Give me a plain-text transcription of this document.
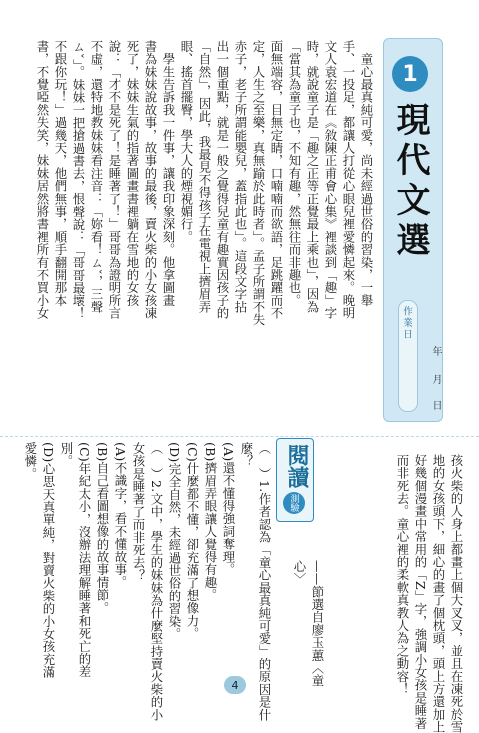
1
現代文選
作業日
年
月
日
　童心最真純可愛，尚未經過世俗的習染，一舉
手、一投足，都讓人打從心眼兒裡愛憐起來。晚明
文人袁宏道在《敘陳正甫會心集》裡談到「趣」字
時，就說童子是「趣之正等正覺最上乘也」，因為
「當其為童子也，不知有趣，然無往而非趣也。
面無端容，目無定睛，口喃喃而欲語，足跳躍而不
定，人生之至樂，真無踰於此時者」。孟子所謂不失
赤子，老子所謂能嬰兒，蓋指此也」。這段文字拈
出一個重點，就是一般之覺得兒童有趣實因孩子的
「自然」，因此，我最見不得孩子在電視上擠眉弄
眼、搖首擺臀，學大人的煙視媚行。
　學生告訴我一件事，讓我印象深刻。他拿圖畫
書為妹妹說故事，故事的最後，賣火柴的小女孩凍
死了，妹妹生氣的指著圖畫書裡躺在雪地的女孩
說：「才不是死了！是睡著了！」哥哥為證明所言
不虛，還特地教妹妹看注音：「妳看！ㄙˇ，三聲
ㄙˇ」。妹妹一把搶過書去，恨聲說：「哥哥最壞！
不跟你玩！」過幾天，他們無事，順手翻開那本
書，不覺啞然失笑，妹妹居然將書裡所有不買小女
孩火柴的人身上都畫上個大叉叉，並且在凍死於雪
地的女孩頭下，細心的畫了個枕頭，頭上方還加上
好幾個漫畫中常用的「Z」字，強調小女孩是睡著
而非死去。童心裡的柔軟真教人為之動容！
——節選自廖玉蕙〈童心〉
閱讀
測驗
（　）1.作者認為「童心最真純可愛」的原因是什
麼？
(A)還不懂得強詞奪理。
(B)擠眉弄眼讓人覺得有趣。
(C)什麼都不懂，卻充滿了想像力。
(D)完全自然，未經過世俗的習染。
（　）2.文中，學生的妹妹為什麼堅持賣火柴的小
女孩是睡著了而非死去？
(A)不識字，看不懂故事。
(B)自己看圖想像的故事情節。
(C)年紀太小，沒辦法理解睡著和死亡的差
別。
(D)心思天真單純，對賣火柴的小女孩充滿
愛憐。
4
